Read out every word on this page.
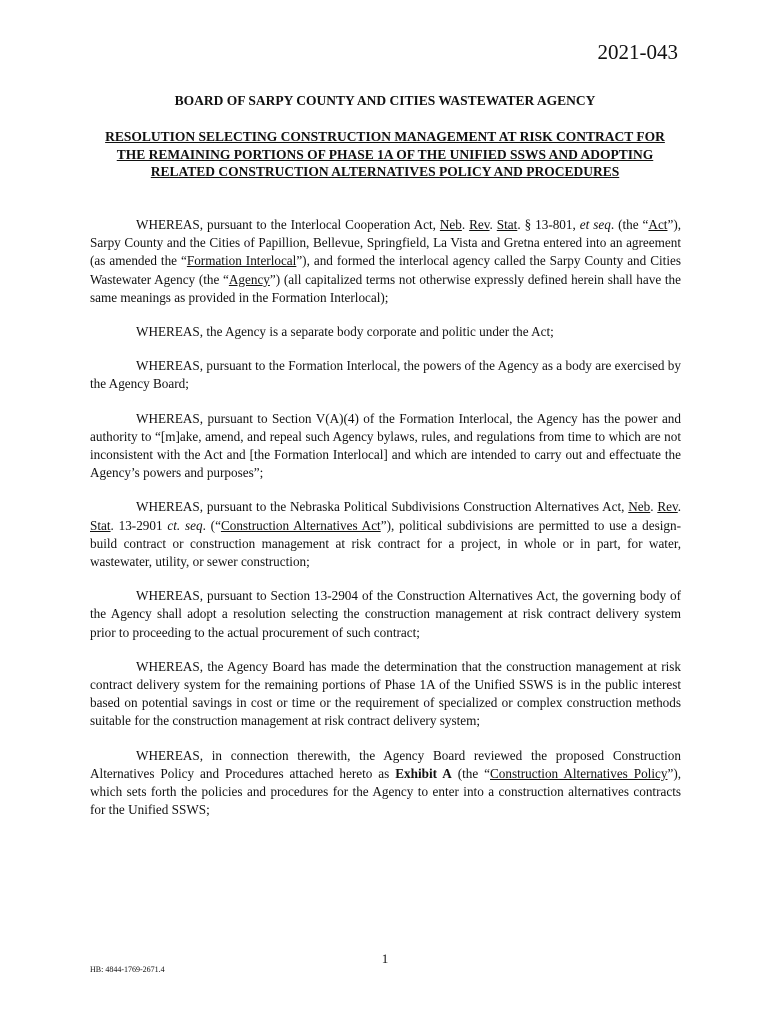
2021-043
BOARD OF SARPY COUNTY AND CITIES WASTEWATER AGENCY
RESOLUTION SELECTING CONSTRUCTION MANAGEMENT AT RISK CONTRACT FOR THE REMAINING PORTIONS OF PHASE 1A OF THE UNIFIED SSWS AND ADOPTING RELATED CONSTRUCTION ALTERNATIVES POLICY AND PROCEDURES

WHEREAS, pursuant to the Interlocal Cooperation Act, Neb. Rev. Stat. § 13-801, et seq. (the “Act”), Sarpy County and the Cities of Papillion, Bellevue, Springfield, La Vista and Gretna entered into an agreement (as amended the “Formation Interlocal”), and formed the interlocal agency called the Sarpy County and Cities Wastewater Agency (the “Agency”) (all capitalized terms not otherwise expressly defined herein shall have the same meanings as provided in the Formation Interlocal);

WHEREAS, the Agency is a separate body corporate and politic under the Act;

WHEREAS, pursuant to the Formation Interlocal, the powers of the Agency as a body are exercised by the Agency Board;

WHEREAS, pursuant to Section V(A)(4) of the Formation Interlocal, the Agency has the power and authority to “[m]ake, amend, and repeal such Agency bylaws, rules, and regulations from time to which are not inconsistent with the Act and [the Formation Interlocal] and which are intended to carry out and effectuate the Agency’s powers and purposes”;

WHEREAS, pursuant to the Nebraska Political Subdivisions Construction Alternatives Act, Neb. Rev. Stat. 13-2901 ct. seq. (“Construction Alternatives Act”), political subdivisions are permitted to use a design-build contract or construction management at risk contract for a project, in whole or in part, for water, wastewater, utility, or sewer construction;

WHEREAS, pursuant to Section 13-2904 of the Construction Alternatives Act, the governing body of the Agency shall adopt a resolution selecting the construction management at risk contract delivery system prior to proceeding to the actual procurement of such contract;

WHEREAS, the Agency Board has made the determination that the construction management at risk contract delivery system for the remaining portions of Phase 1A of the Unified SSWS is in the public interest based on potential savings in cost or time or the requirement of specialized or complex construction methods suitable for the construction management at risk contract delivery system;

WHEREAS, in connection therewith, the Agency Board reviewed the proposed Construction Alternatives Policy and Procedures attached hereto as Exhibit A (the “Construction Alternatives Policy”), which sets forth the policies and procedures for the Agency to enter into a construction alternatives contracts for the Unified SSWS;

1
HB: 4844-1769-2671.4
